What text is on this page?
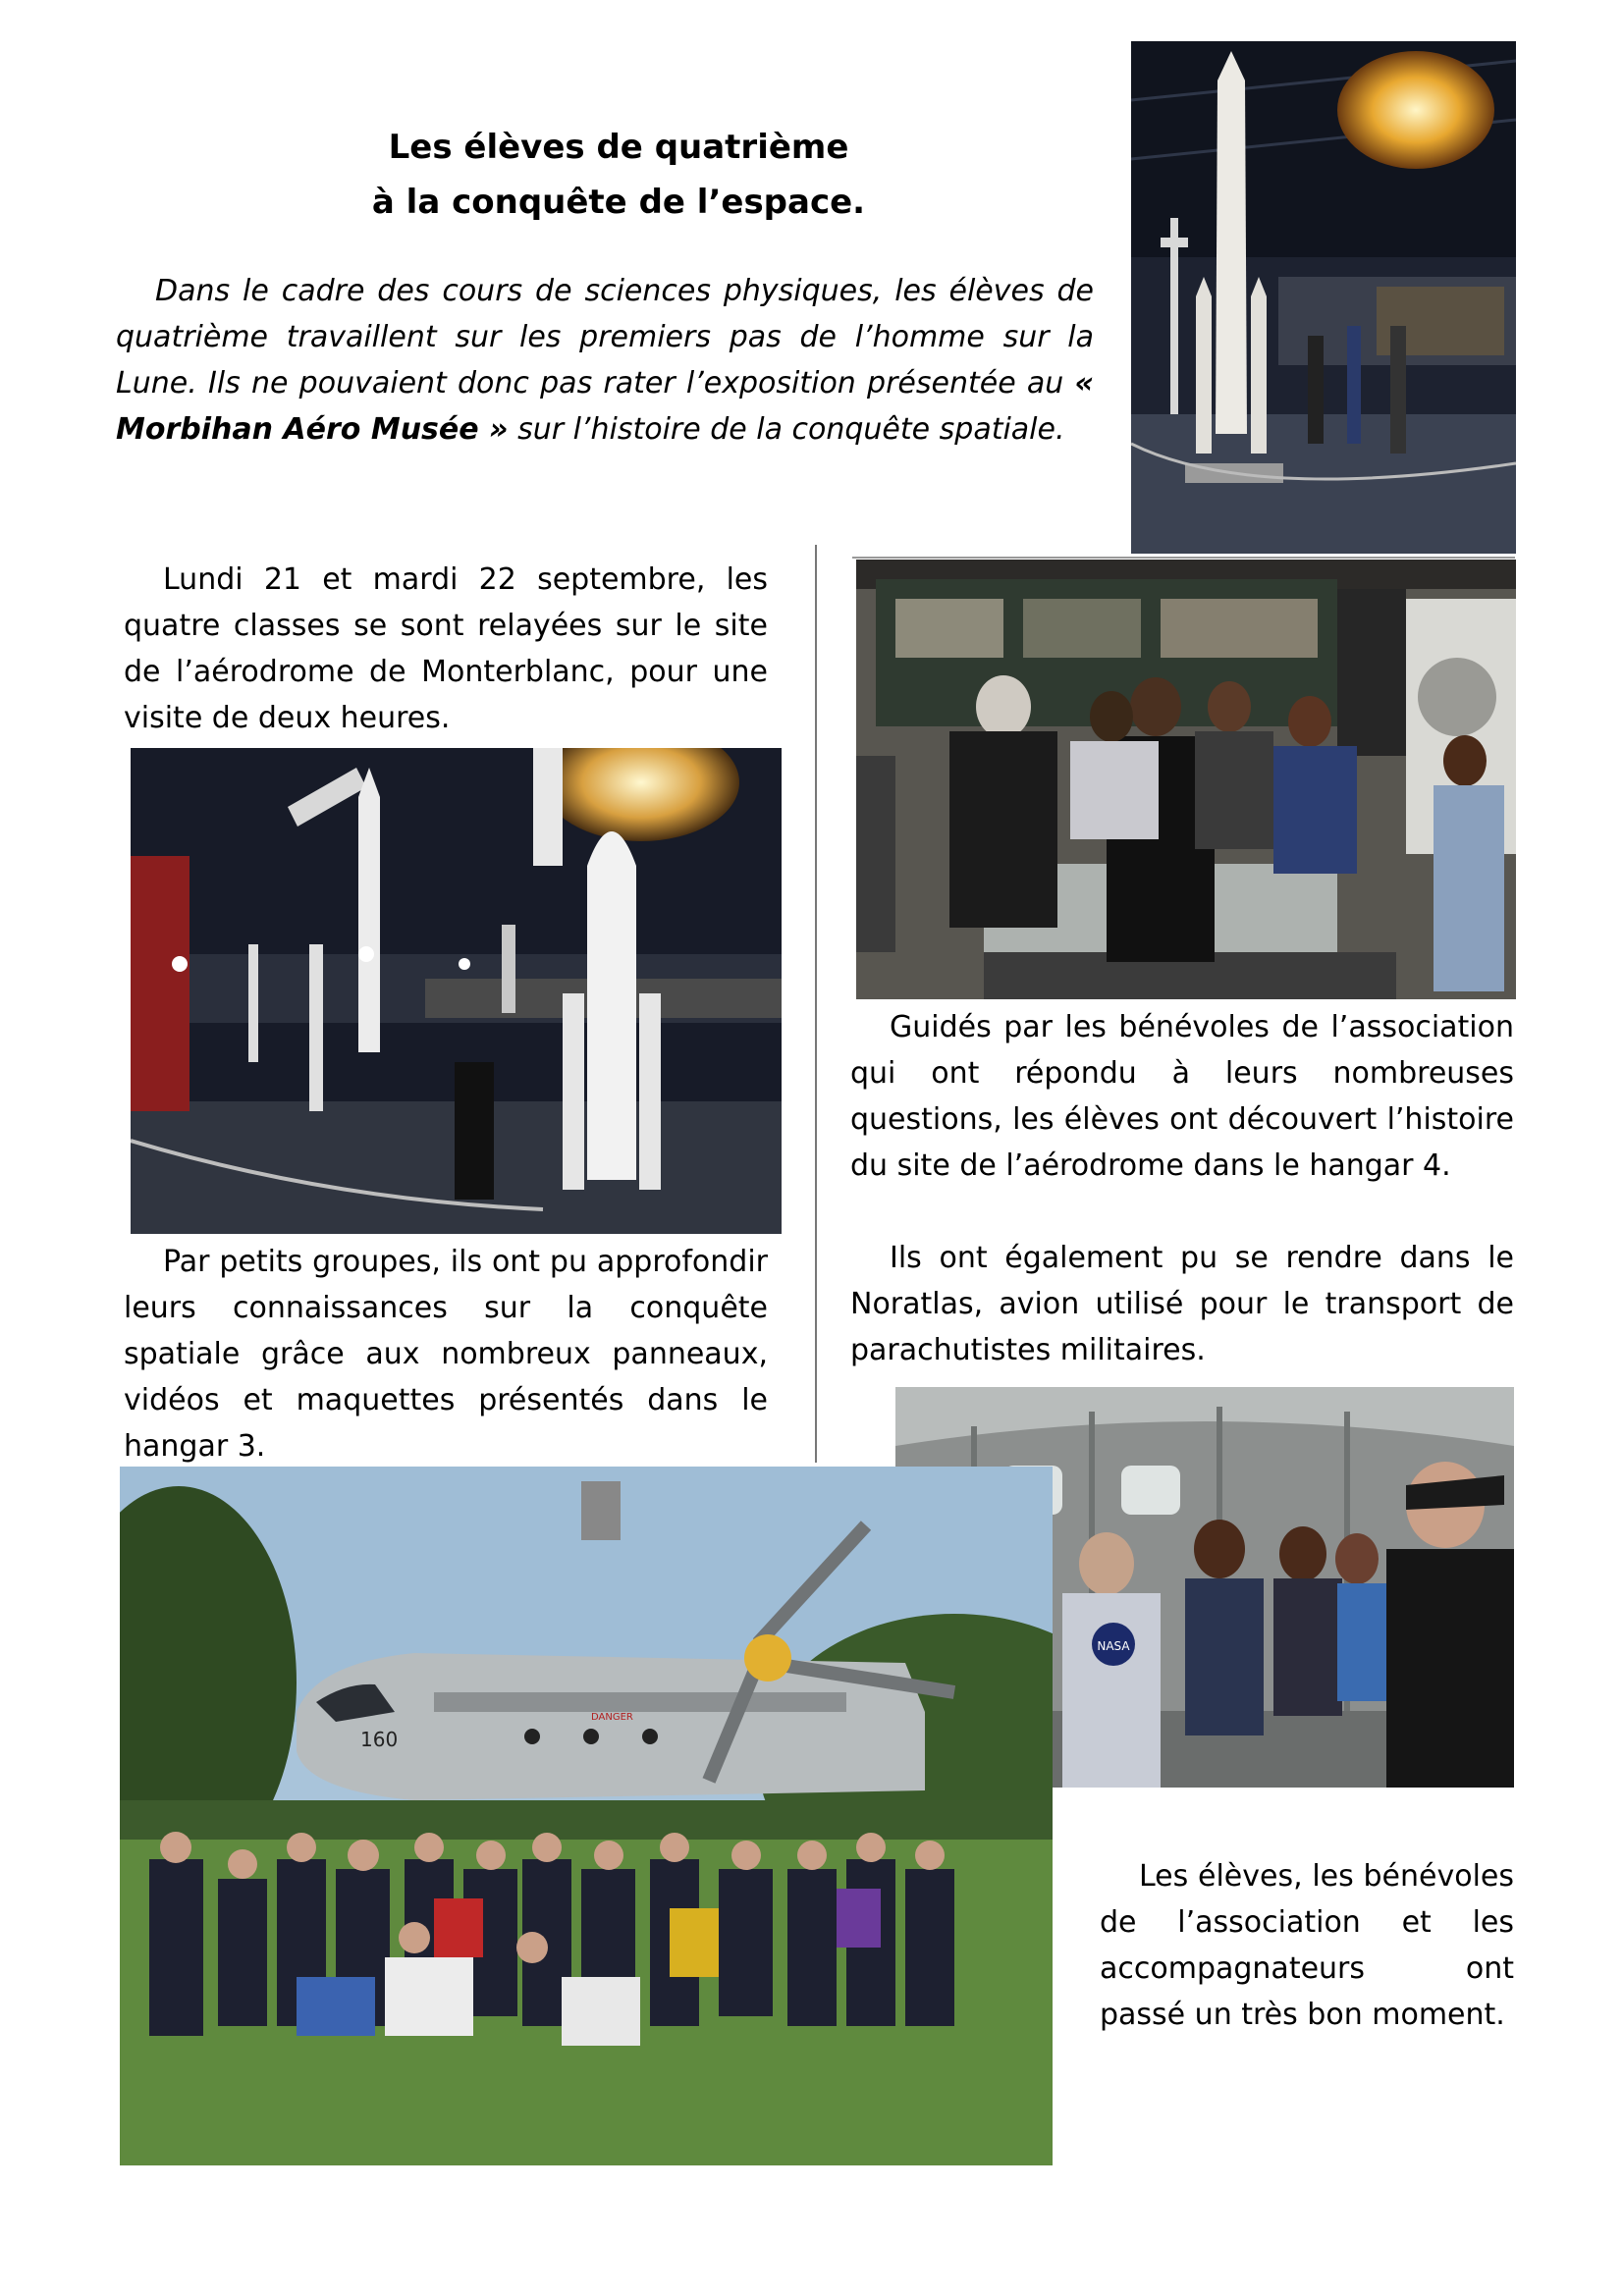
Les élèves de quatrième
à la conquête de l’espace.
Dans le cadre des cours de sciences physiques, les élèves de quatrième travaillent sur les premiers pas de l’homme sur la Lune. Ils ne pouvaient donc pas rater l’exposition présentée au « Morbihan Aéro Musée » sur l’histoire de la conquête spatiale.
Lundi 21 et mardi 22 septembre, les quatre classes se sont relayées sur le site de l’aérodrome de Monterblanc, pour une visite de deux heures.
Guidés par les bénévoles de l’association qui ont répondu à leurs nombreuses questions, les élèves ont découvert l’histoire du site de l’aérodrome dans le hangar 4.
Par petits groupes, ils ont pu approfondir leurs connaissances sur la conquête spatiale grâce aux nombreux panneaux, vidéos et maquettes présentés dans le hangar 3.
Ils ont également pu se rendre dans le Noratlas, avion utilisé pour le transport de parachutistes militaires.
NASA
160
DANGER
Les élèves, les bénévoles de l’association et les accompagnateurs ont passé un très bon moment.
